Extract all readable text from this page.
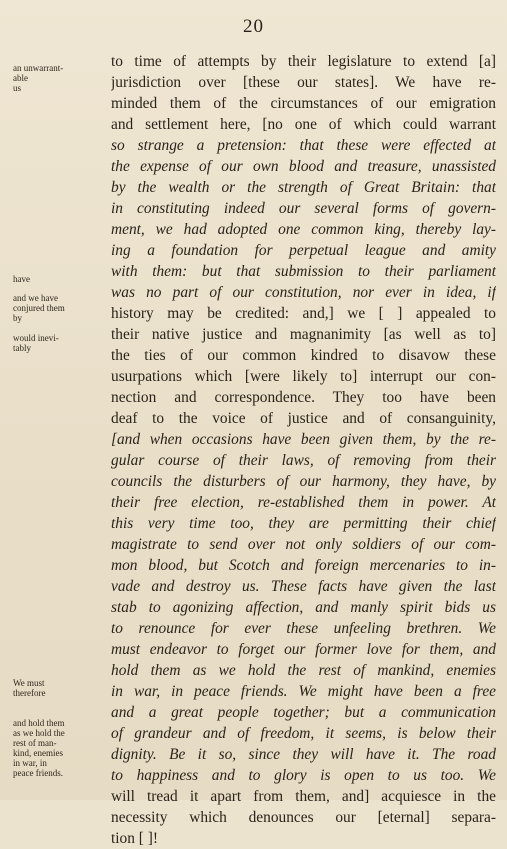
20
an unwarrant-
able
us
have
and we have
conjured them
by
would inevi-
tably
We must
therefore
and hold them
as we hold the
rest of man-
kind, enemies
in war, in
peace friends.
to time of attempts by their legislature to extend [a]
jurisdiction over [these our states]. We have re-
minded them of the circumstances of our emigration
and settlement here, [no one of which could warrant
so strange a pretension: that these were effected at
the expense of our own blood and treasure, unassisted
by the wealth or the strength of Great Britain: that
in constituting indeed our several forms of govern-
ment, we had adopted one common king, thereby lay-
ing a foundation for perpetual league and amity
with them: but that submission to their parliament
was no part of our constitution, nor ever in idea, if
history may be credited: and,] we [ ] appealed to
their native justice and magnanimity [as well as to]
the ties of our common kindred to disavow these
usurpations which [were likely to] interrupt our con-
nection and correspondence. They too have been
deaf to the voice of justice and of consanguinity,
[and when occasions have been given them, by the re-
gular course of their laws, of removing from their
councils the disturbers of our harmony, they have, by
their free election, re-established them in power. At
this very time too, they are permitting their chief
magistrate to send over not only soldiers of our com-
mon blood, but Scotch and foreign mercenaries to in-
vade and destroy us. These facts have given the last
stab to agonizing affection, and manly spirit bids us
to renounce for ever these unfeeling brethren. We
must endeavor to forget our former love for them, and
hold them as we hold the rest of mankind, enemies
in war, in peace friends. We might have been a free
and a great people together; but a communication
of grandeur and of freedom, it seems, is below their
dignity. Be it so, since they will have it. The road
to happiness and to glory is open to us too. We
will tread it apart from them, and] acquiesce in the
necessity which denounces our [eternal] separa-
tion [ ]!
